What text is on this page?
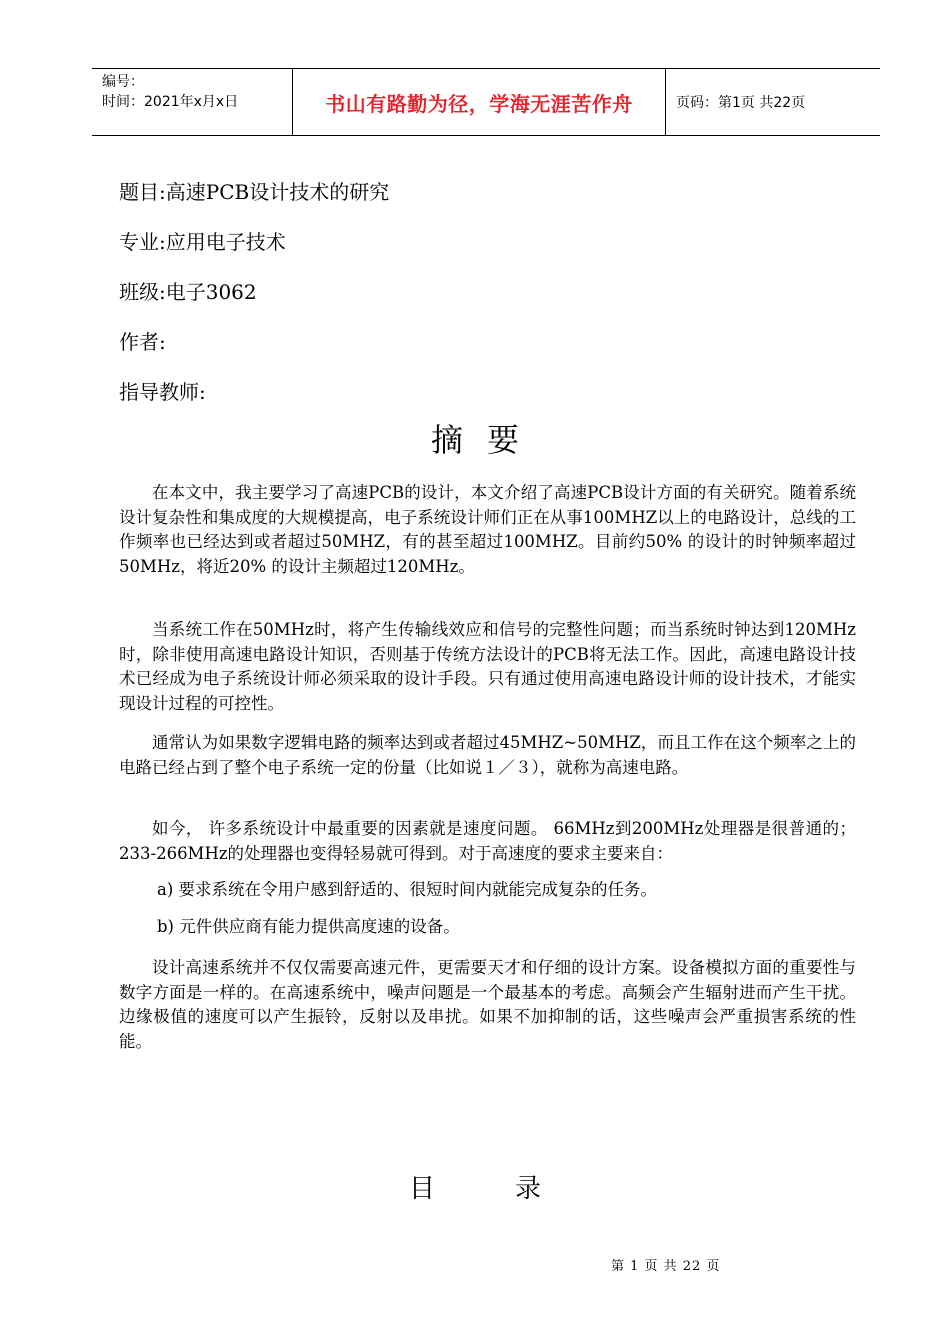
编号：
时间：2021年x月x日	书山有路勤为径，学海无涯苦作舟	页码：第1页 共22页
题目:高速PCB设计技术的研究
专业:应用电子技术
班级:电子3062
作者:
指导教师:
摘要
在本文中，我主要学习了高速PCB的设计，本文介绍了高速PCB设计方面的有关研究。随着系统设计复杂性和集成度的大规模提高，电子系统设计师们正在从事100MHZ以上的电路设计，总线的工作频率也已经达到或者超过50MHZ，有的甚至超过100MHZ。目前约50% 的设计的时钟频率超过50MHz，将近20% 的设计主频超过120MHz。
当系统工作在50MHz时，将产生传输线效应和信号的完整性问题；而当系统时钟达到120MHz时，除非使用高速电路设计知识，否则基于传统方法设计的PCB将无法工作。因此，高速电路设计技术已经成为电子系统设计师必须采取的设计手段。只有通过使用高速电路设计师的设计技术，才能实现设计过程的可控性。
通常认为如果数字逻辑电路的频率达到或者超过45MHZ~50MHZ，而且工作在这个频率之上的电路已经占到了整个电子系统一定的份量（比如说１／３），就称为高速电路。
如今， 许多系统设计中最重要的因素就是速度问题。 66MHz到200MHz处理器是很普通的；233-266MHz的处理器也变得轻易就可得到。对于高速度的要求主要来自：
a) 要求系统在令用户感到舒适的、很短时间内就能完成复杂的任务。
b) 元件供应商有能力提供高度速的设备。
设计高速系统并不仅仅需要高速元件，更需要天才和仔细的设计方案。设备模拟方面的重要性与数字方面是一样的。在高速系统中，噪声问题是一个最基本的考虑。高频会产生辐射进而产生干扰。边缘极值的速度可以产生振铃，反射以及串扰。如果不加抑制的话，这些噪声会严重损害系统的性能。
目	录
第 1 页 共 22 页
